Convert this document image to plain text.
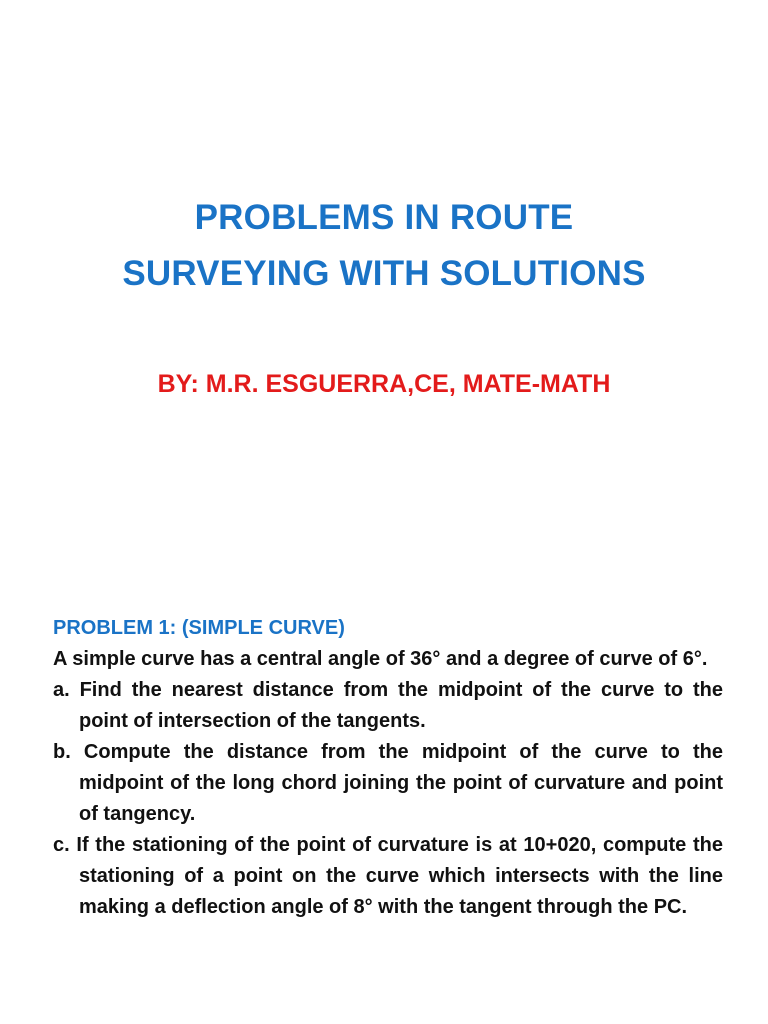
PROBLEMS IN ROUTE
SURVEYING WITH SOLUTIONS
BY: M.R. ESGUERRA,CE, MATE-MATH
PROBLEM 1: (SIMPLE CURVE)

A simple curve has a central angle of 36° and a degree of curve of 6°.

a. Find the nearest distance from the midpoint of the curve to the point of intersection of the tangents.

b. Compute the distance from the midpoint of the curve to the midpoint of the long chord joining the point of curvature and point of tangency.

c. If the stationing of the point of curvature is at 10+020, compute the stationing of a point on the curve which intersects with the line making a deflection angle of 8° with the tangent through the PC.
